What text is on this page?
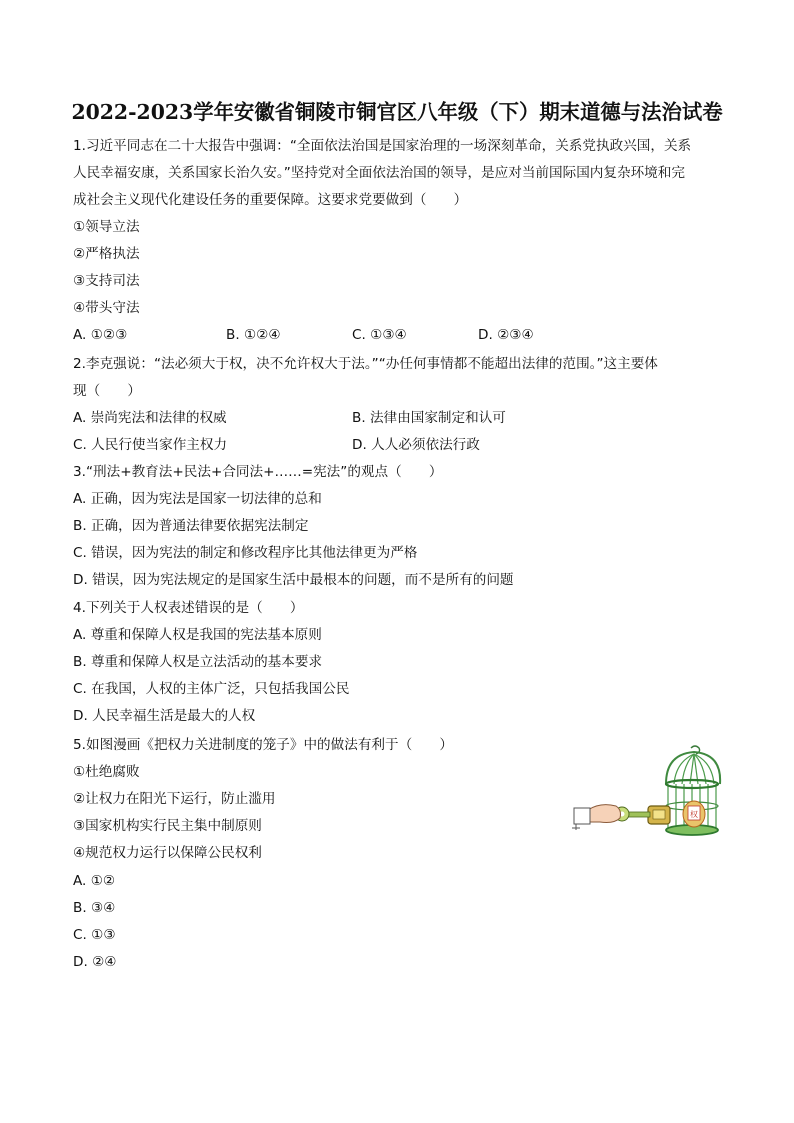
2022-2023学年安徽省铜陵市铜官区八年级（下）期末道德与法治试卷
1.习近平同志在二十大报告中强调：“全面依法治国是国家治理的一场深刻革命，关系党执政兴国，关系
人民幸福安康，关系国家长治久安。”坚持党对全面依法治国的领导，是应对当前国际国内复杂环境和完
成社会主义现代化建设任务的重要保障。这要求党要做到（　　）
①领导立法
②严格执法
③支持司法
④带头守法
A. ①②③	B. ①②④	C. ①③④	D. ②③④
2.李克强说：“法必须大于权，决不允许权大于法。”“办任何事情都不能超出法律的范围。”这主要体
现（　　）
A. 崇尚宪法和法律的权威	B. 法律由国家制定和认可
C. 人民行使当家作主权力	D. 人人必须依法行政
3.“刑法+教育法+民法+合同法+……=宪法”的观点（　　）
A. 正确，因为宪法是国家一切法律的总和
B. 正确，因为普通法律要依据宪法制定
C. 错误，因为宪法的制定和修改程序比其他法律更为严格
D. 错误，因为宪法规定的是国家生活中最根本的问题，而不是所有的问题
4.下列关于人权表述错误的是（　　）
A. 尊重和保障人权是我国的宪法基本原则
B. 尊重和保障人权是立法活动的基本要求
C. 在我国，人权的主体广泛，只包括我国公民
D. 人民幸福生活是最大的人权
5.如图漫画《把权力关进制度的笼子》中的做法有利于（　　）
①杜绝腐败
②让权力在阳光下运行，防止滥用
③国家机构实行民主集中制原则
④规范权力运行以保障公民权利
A. ①②
B. ③④
C. ①③
D. ②④
权
